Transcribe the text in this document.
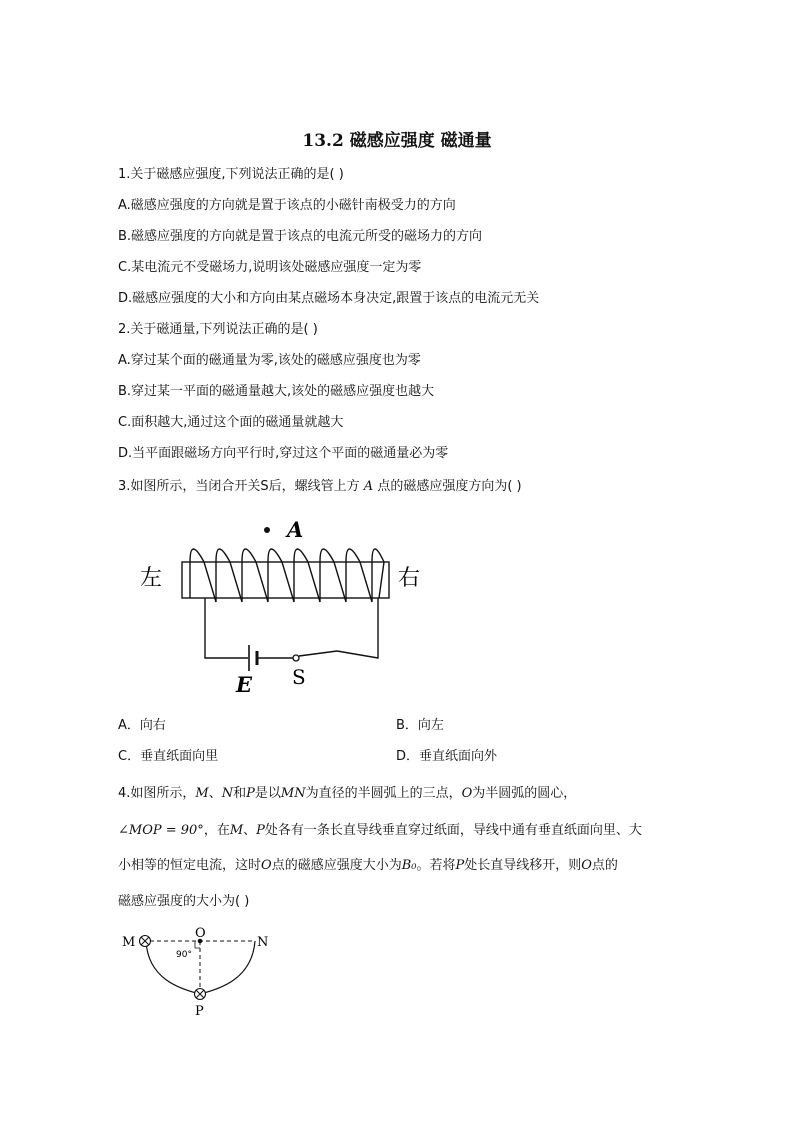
13.2 磁感应强度 磁通量
1.关于磁感应强度,下列说法正确的是( )
A.磁感应强度的方向就是置于该点的小磁针南极受力的方向
B.磁感应强度的方向就是置于该点的电流元所受的磁场力的方向
C.某电流元不受磁场力,说明该处磁感应强度一定为零
D.磁感应强度的大小和方向由某点磁场本身决定,跟置于该点的电流元无关
2.关于磁通量,下列说法正确的是( )
A.穿过某个面的磁通量为零,该处的磁感应强度也为零
B.穿过某一平面的磁通量越大,该处的磁感应强度也越大
C.面积越大,通过这个面的磁通量就越大
D.当平面跟磁场方向平行时,穿过这个平面的磁通量必为零
3.如图所示，当闭合开关S后，螺线管上方 A 点的磁感应强度方向为( )
A
左	右
E S
A．向右	B．向左
C．垂直纸面向里	D．垂直纸面向外
4.如图所示，M、N和P是以MN为直径的半圆弧上的三点，O为半圆弧的圆心，
∠MOP = 90°，在M、P处各有一条长直导线垂直穿过纸面，导线中通有垂直纸面向里、大
小相等的恒定电流，这时O点的磁感应强度大小为B₀。若将P处长直导线移开，则O点的
磁感应强度的大小为( )
M	N
O
P
90°
